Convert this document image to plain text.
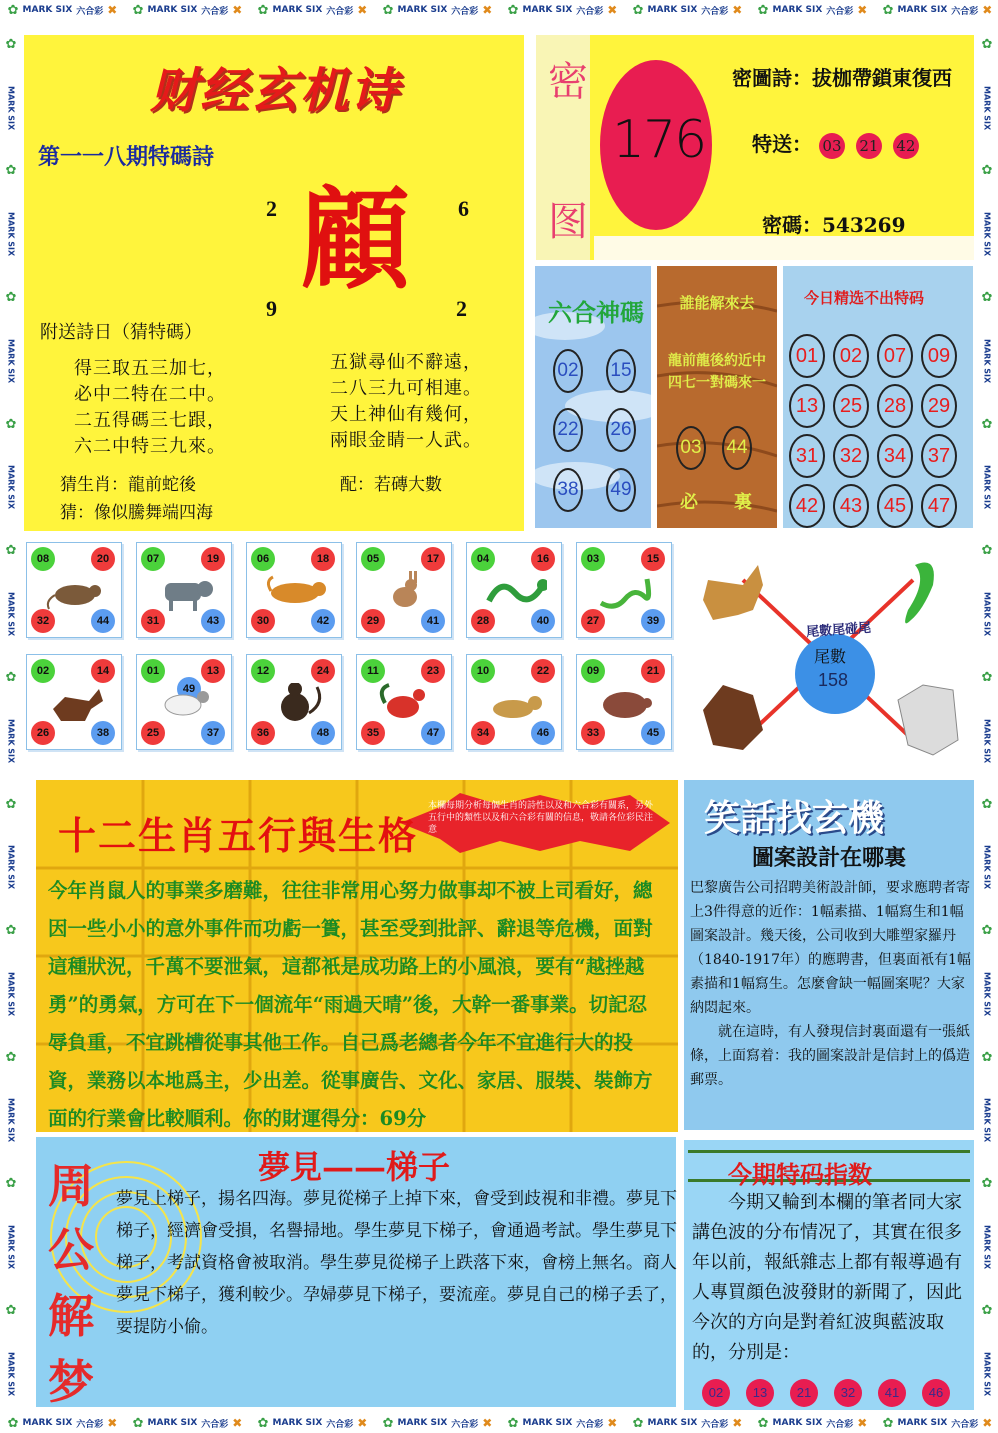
✿ MARK SIX 六合彩 ✖ ✿ MARK SIX 六合彩 ✖ ✿ MARK SIX 六合彩 ✖ ✿ MARK SIX 六合彩 ✖ ✿ MARK SIX 六合彩 ✖ ✿ MARK SIX 六合彩 ✖ ✿ MARK SIX 六合彩 ✖ ✿ MARK SIX 六合彩 ✖
✿ MARK SIX 六合彩 ✖ ✿ MARK SIX 六合彩 ✖ ✿ MARK SIX 六合彩 ✖ ✿ MARK SIX 六合彩 ✖ ✿ MARK SIX 六合彩 ✖ ✿ MARK SIX 六合彩 ✖ ✿ MARK SIX 六合彩 ✖ ✿ MARK SIX 六合彩 ✖
✿
MARK SIX
✿
MARK SIX
✿
MARK SIX
✿
MARK SIX
✿
MARK SIX
✿
MARK SIX
✿
MARK SIX
✿
MARK SIX
✿
MARK SIX
✿
MARK SIX
✿
MARK SIX
✿
MARK SIX
✿
MARK SIX
✿
MARK SIX
✿
MARK SIX
✿
MARK SIX
✿
MARK SIX
✿
MARK SIX
✿
MARK SIX
✿
MARK SIX
✿
MARK SIX
✿
MARK SIX
财经玄机诗
第一一八期特碼詩
2	6
9	2
顧
附送詩日（猜特碼）
得三取五三加七，
必中二特在二中。
二五得碼三七跟，
六二中特三九來。
五獄尋仙不辭遠，
二八三九可相連。
天上神仙有幾何，
兩眼金睛一人武。
猜生肖：龍前蛇後
猜：像似騰舞端四海
配：若磚大數
密
图
176
密圖詩：拔枷帶鎖東復西
特送： 03 21 42
密碼：543269
六合神碼
02 15
22 26
38 49
誰能解來去
龍前龍後約近中
四七一對碼來一
03 44
必 裏
今日精选不出特码
01	02	07	09
13	25	28	29
31	32	34	37
42	43	45	47
08	20
32	44
07	19
31	43
06	18
30	42
05	17
29	41
04	16
28	40
03	15
27	39
02	14
26	38
01	13
25	37
49
12	24
36	48
11	23
35	47
10	22
34	46
09	21
33	45
尾數尾碰尾
尾數
158
本欄每期分析每個生肖的詩性以及和六合彩有關系，另外五行中的類性以及和六合彩有關的信息，敬請各位彩民注意
十二生肖五行與生格
今年肖鼠人的事業多磨難，往往非常用心努力做事却不被上司看好，總因一些小小的意外事件而功虧一簣，甚至受到批評、辭退等危機，面對這種狀況，千萬不要泄氣，這都衹是成功路上的小風浪，要有“越挫越勇”的勇氣，方可在下一個流年“雨過天晴”後，大幹一番事業。切記忍辱負重，不宜跳槽從事其他工作。自己爲老總者今年不宜進行大的投資，業務以本地爲主，少出差。從事廣告、文化、家居、服裝、裝飾方面的行業會比較順利。你的財運得分：69分
笑話找玄機
圖案設計在哪裏
巴黎廣告公司招聘美術設計師，要求應聘者寄上3件得意的近作：1幅素描、1幅寫生和1幅圖案設計。幾天後，公司收到大雕塑家羅丹（1840-1917年）的應聘書，但裏面衹有1幅素描和1幅寫生。怎麼會缺一幅圖案呢？大家納悶起來。
就在這時，有人發現信封裏面還有一張紙條，上面寫着：我的圖案設計是信封上的僞造郵票。
周
公
解
梦
夢見——梯子
夢見上梯子，揚名四海。夢見從梯子上掉下來，會受到歧視和非禮。夢見下梯子，經濟會受損，名譽掃地。學生夢見下梯子，會通過考試。學生夢見下梯子，考試資格會被取消。學生夢見從梯子上跌落下來，會榜上無名。商人夢見下梯子，獲利較少。孕婦夢見下梯子，要流産。夢見自己的梯子丢了，要提防小偷。
今期特码指数
今期又輪到本欄的筆者同大家講色波的分布情况了，其實在很多年以前，報紙雜志上都有報導過有人專買顔色波發財的新聞了，因此今次的方向是對着紅波與藍波取的，分別是：
02	13	21	32	41	46
